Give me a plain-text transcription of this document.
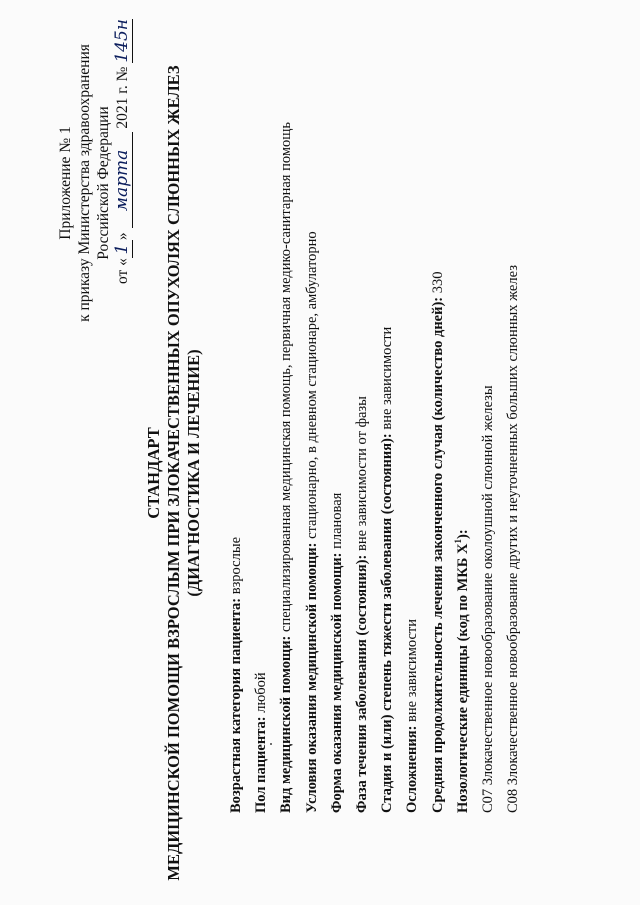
Приложение № 1 к приказу Министерства здравоохранения Российской Федерации
от «1» марта 2021 г. № 145н
СТАНДАРТ МЕДИЦИНСКОЙ ПОМОЩИ ВЗРОСЛЫМ ПРИ ЗЛОКАЧЕСТВЕННЫХ ОПУХОЛЯХ СЛЮННЫХ ЖЕЛЕЗ (ДИАГНОСТИКА И ЛЕЧЕНИЕ)
Возрастная категория пациента: взрослые
Пол пациента: любой Вид медицинской помощи: специализированная медицинская помощь, первичная медико-санитарная помощь
Условия оказания медицинской помощи: стационарно, в дневном стационаре, амбулаторно
Форма оказания медицинской помощи: плановая
Фаза течения заболевания (состояния): вне зависимости от фазы Стадия и (или) степень тяжести заболевания (состояния): вне зависимости
Осложнения: вне зависимости Средняя продолжительность лечения законченного случая (количество дней): 330
Нозологические единицы (код по МКБ $X^1$):
C07 Злокачественное новообразование околоушной слюнной железы
C08 Злокачественное новообразование других и неуточненных больших слюнных желез
